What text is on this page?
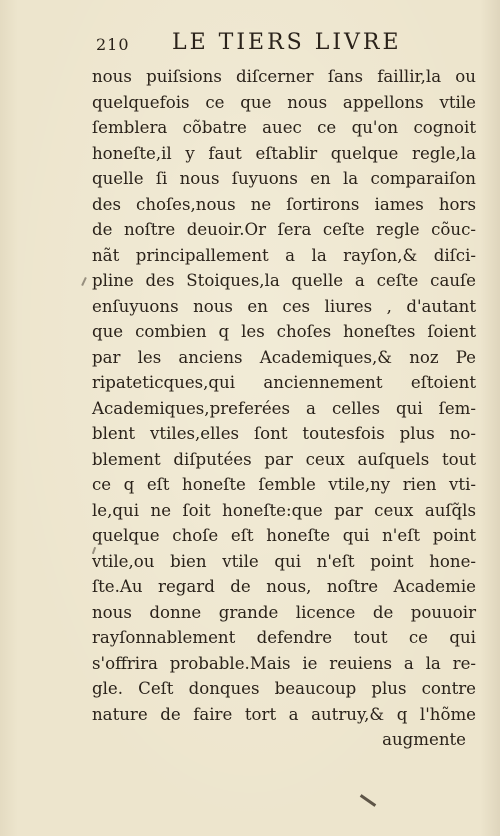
210 LE TIERS LIVRE
nous puiſsions diſcerner ſans faillir,la ou
quelquefois ce que nous appellons vtile
ſemblera cõbatre auec ce qu'on cognoit
honeſte,il y faut eſtablir quelque regle,la
quelle ſi nous ſuyuons en la comparaiſon
des choſes,nous ne ſortirons iames hors
de noſtre deuoir.Or ſera ceſte regle cõuc-
nãt principallement a la rayſon,& diſci-
pline des Stoiques,la quelle a ceſte cauſe
enſuyuons nous en ces liures , d'autant
que combien q les choſes honeſtes ſoient
par les anciens Academiques,& noz Pe
ripateticques,qui anciennement eſtoient
Academiques,preferées a celles qui ſem-
blent vtiles,elles ſont toutesfois plus no-
blement diſputées par ceux auſquels tout
ce q eſt honeſte ſemble vtile,ny rien vti-
le,qui ne ſoit honeſte:que par ceux auſq̃ls
quelque choſe eſt honeſte qui n'eſt point
vtile,ou bien vtile qui n'eſt point hone-
ſte.Au regard de nous, noſtre Academie
nous donne grande licence de pouuoir
rayſonnablement defendre tout ce qui
s'offrira probable.Mais ie reuiens a la re-
gle. Ceſt donques beaucoup plus contre
nature de faire tort a autruy,& q l'hõme
augmente
